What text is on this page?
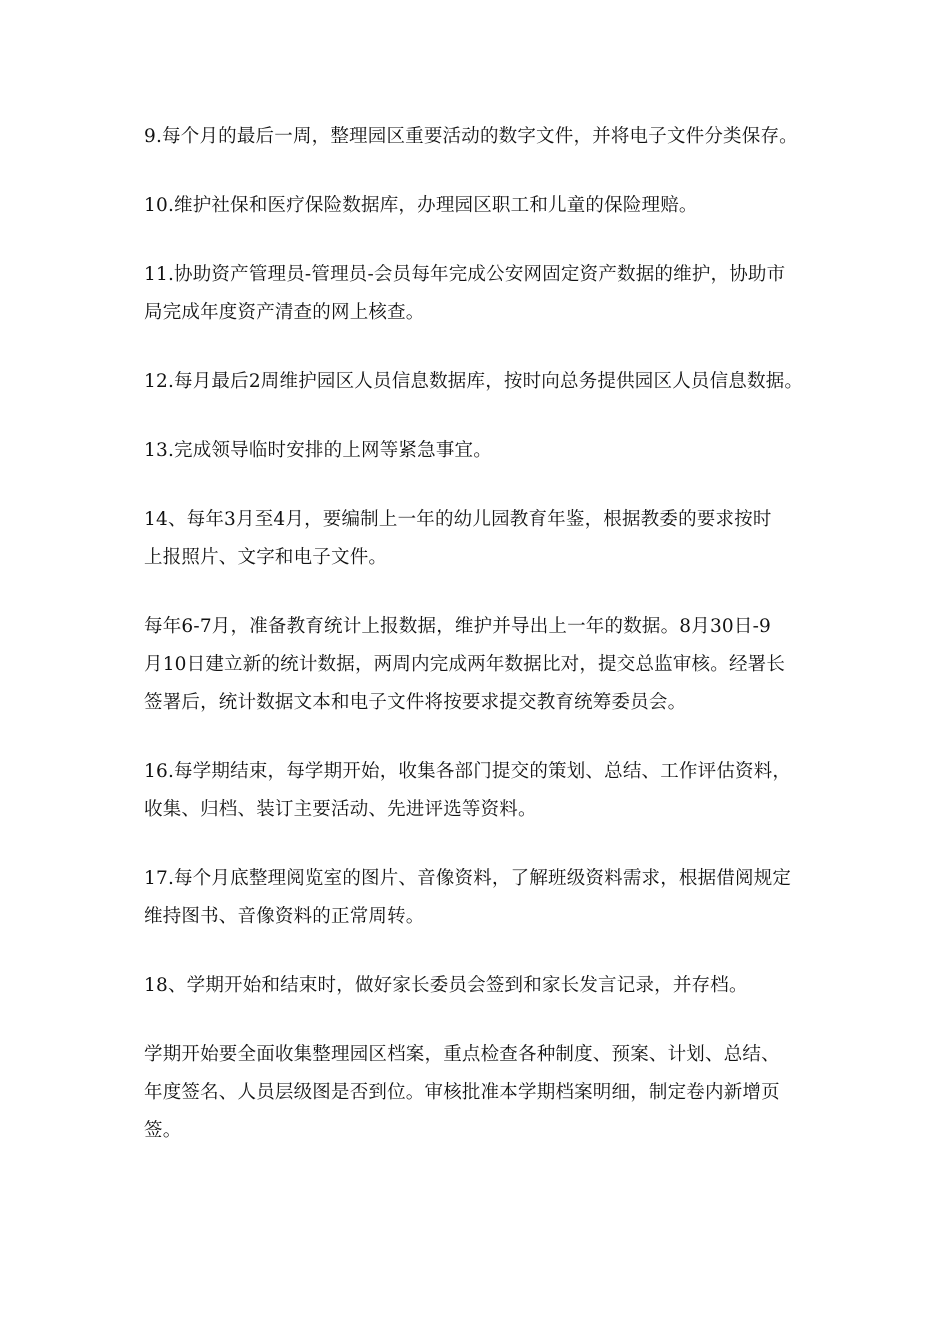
9.每个月的最后一周，整理园区重要活动的数字文件，并将电子文件分类保存。

10.维护社保和医疗保险数据库，办理园区职工和儿童的保险理赔。

11.协助资产管理员-管理员-会员每年完成公安网固定资产数据的维护，协助市
局完成年度资产清查的网上核查。

12.每月最后2周维护园区人员信息数据库，按时向总务提供园区人员信息数据。

13.完成领导临时安排的上网等紧急事宜。

14、每年3月至4月，要编制上一年的幼儿园教育年鉴，根据教委的要求按时
上报照片、文字和电子文件。

每年6-7月，准备教育统计上报数据，维护并导出上一年的数据。8月30日-9
月10日建立新的统计数据，两周内完成两年数据比对，提交总监审核。经署长
签署后，统计数据文本和电子文件将按要求提交教育统筹委员会。

16.每学期结束，每学期开始，收集各部门提交的策划、总结、工作评估资料，
收集、归档、装订主要活动、先进评选等资料。

17.每个月底整理阅览室的图片、音像资料，了解班级资料需求，根据借阅规定
维持图书、音像资料的正常周转。

18、学期开始和结束时，做好家长委员会签到和家长发言记录，并存档。

学期开始要全面收集整理园区档案，重点检查各种制度、预案、计划、总结、
年度签名、人员层级图是否到位。审核批准本学期档案明细，制定卷内新增页
签。
